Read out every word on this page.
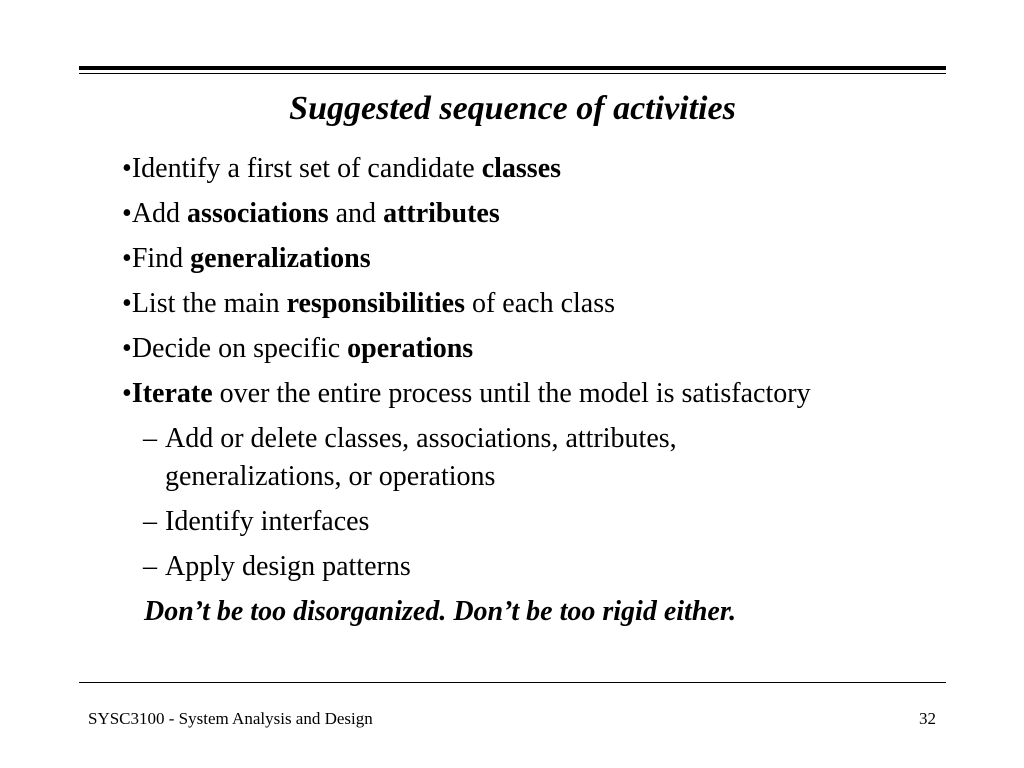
Suggested sequence of activities
•Identify a first set of candidate classes
•Add associations and attributes
•Find generalizations
•List the main responsibilities of each class
•Decide on specific operations
•Iterate over the entire process until the model is satisfactory
– Add or delete classes, associations, attributes, generalizations, or operations
– Identify interfaces
– Apply design patterns
Don’t be too disorganized. Don’t be too rigid either.
SYSC3100 - System Analysis and Design	32
